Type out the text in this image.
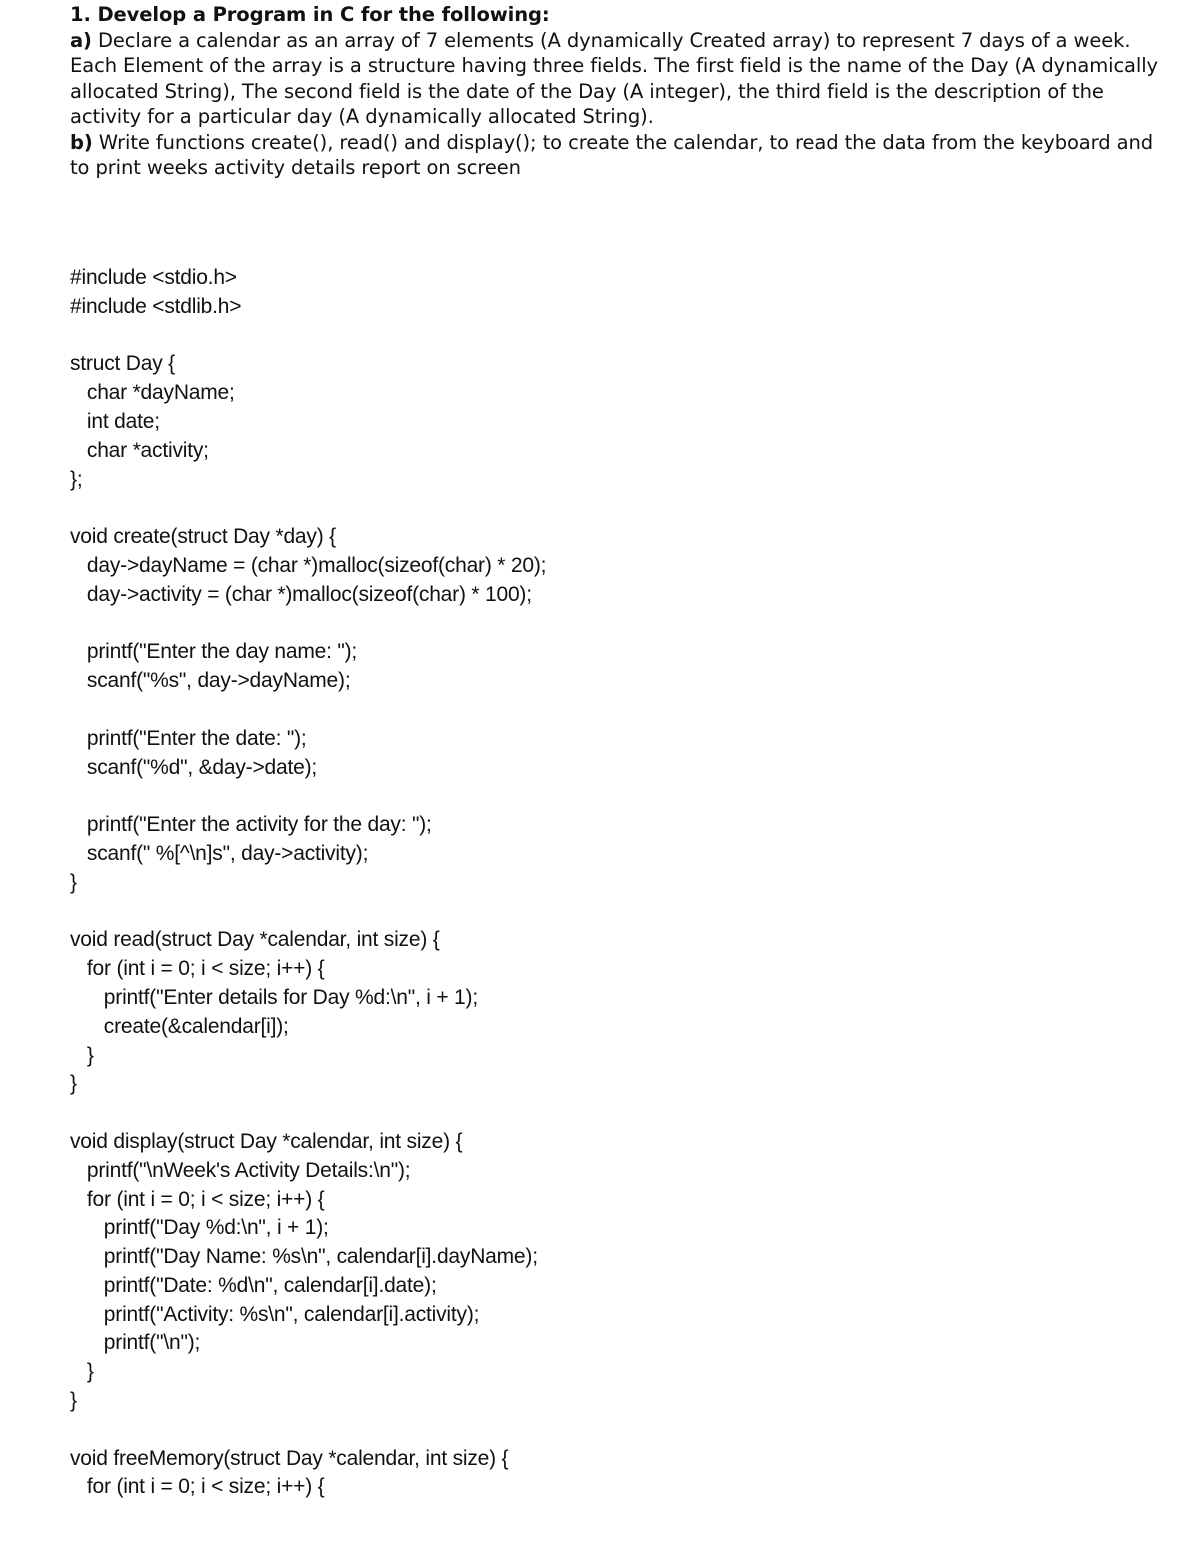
1. Develop a Program in C for the following:

a) Declare a calendar as an array of 7 elements (A dynamically Created array) to represent 7 days of a week.

Each Element of the array is a structure having three fields. The first field is the name of the Day (A dynamically

allocated String), The second field is the date of the Day (A integer), the third field is the description of the

activity for a particular day (A dynamically allocated String).

b) Write functions create(), read() and display(); to create the calendar, to read the data from the keyboard and

to print weeks activity details report on screen

#include <stdio.h>
#include <stdlib.h>
struct Day {
char *dayName;
int date;
char *activity;
};
void create(struct Day *day) {
day->dayName = (char *)malloc(sizeof(char) * 20);
day->activity = (char *)malloc(sizeof(char) * 100);
printf("Enter the day name: ");
scanf("%s", day->dayName);
printf("Enter the date: ");
scanf("%d", &day->date);
printf("Enter the activity for the day: ");
scanf(" %[^\n]s", day->activity);
}
void read(struct Day *calendar, int size) {
for (int i = 0; i < size; i++) {
printf("Enter details for Day %d:\n", i + 1);
create(&calendar[i]);
}
}
void display(struct Day *calendar, int size) {
printf("\nWeek's Activity Details:\n");
for (int i = 0; i < size; i++) {
printf("Day %d:\n", i + 1);
printf("Day Name: %s\n", calendar[i].dayName);
printf("Date: %d\n", calendar[i].date);
printf("Activity: %s\n", calendar[i].activity);
printf("\n");
}
}
void freeMemory(struct Day *calendar, int size) {
for (int i = 0; i < size; i++) {
